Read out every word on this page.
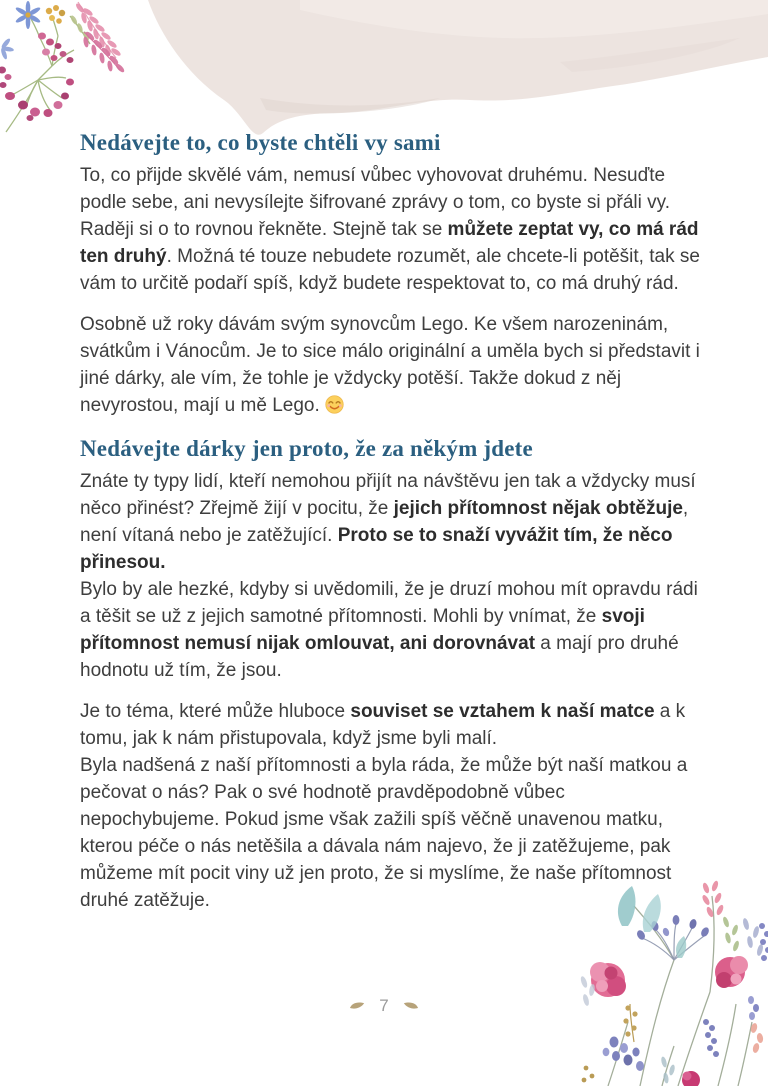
Nedávejte to, co byste chtěli vy sami

To, co přijde skvělé vám, nemusí vůbec vyhovovat druhému. Nesuďte podle sebe, ani nevysílejte šifrované zprávy o tom, co byste si přáli vy. Raději si o to rovnou řekněte. Stejně tak se můžete zeptat vy, co má rád ten druhý. Možná té touze nebudete rozumět, ale chcete-li potěšit, tak se vám to určitě podaří spíš, když budete respektovat to, co má druhý rád.

Osobně už roky dávám svým synovcům Lego. Ke všem narozeninám, svátkům i Vánocům. Je to sice málo originální a uměla bych si představit i jiné dárky, ale vím, že tohle je vždycky potěší. Takže dokud z něj nevyrostou, mají u mě Lego.

Nedávejte dárky jen proto, že za někým jdete

Znáte ty typy lidí, kteří nemohou přijít na návštěvu jen tak a vždycky musí něco přinést? Zřejmě žijí v pocitu, že jejich přítomnost nějak obtěžuje, není vítaná nebo je zatěžující. Proto se to snaží vyvážit tím, že něco přinesou.
Bylo by ale hezké, kdyby si uvědomili, že je druzí mohou mít opravdu rádi a těšit se už z jejich samotné přítomnosti. Mohli by vnímat, že svoji přítomnost nemusí nijak omlouvat, ani dorovnávat a mají pro druhé hodnotu už tím, že jsou.

Je to téma, které může hluboce souviset se vztahem k naší matce a k tomu, jak k nám přistupovala, když jsme byli malí.
Byla nadšená z naší přítomnosti a byla ráda, že může být naší matkou a pečovat o nás? Pak o své hodnotě pravděpodobně vůbec nepochybujeme. Pokud jsme však zažili spíš věčně unavenou matku, kterou péče o nás netěšila a dávala nám najevo, že ji zatěžujeme, pak můžeme mít pocit viny už jen proto, že si myslíme, že naše přítomnost druhé zatěžuje.

7
